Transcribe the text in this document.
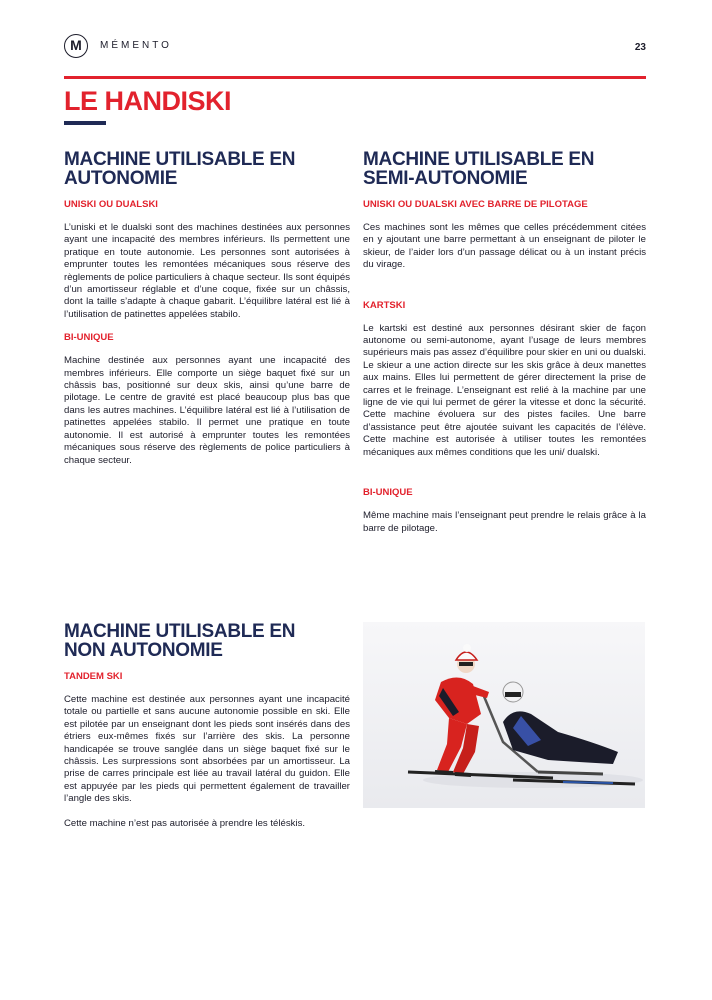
M	MÉMENTO	23
LE HANDISKI
MACHINE UTILISABLE EN
AUTONOMIE
UNISKI OU DUALSKI

L’uniski et le dualski sont des machines destinées aux personnes ayant une incapacité des membres inférieurs. Ils permettent une pratique en toute autonomie. Les personnes sont autorisées à emprunter toutes les remontées mécaniques sous réserve des règlements de police particuliers à chaque secteur. Ils sont équipés d’un amortisseur réglable et d’une coque, fixée sur un châssis, dont la taille s’adapte à chaque gabarit. L’équilibre latéral est lié à l’utilisation de patinettes appelées stabilo.

BI-UNIQUE

Machine destinée aux personnes ayant une incapacité des membres inférieurs. Elle comporte un siège baquet fixé sur un châssis bas, positionné sur deux skis, ainsi qu’une barre de pilotage. Le centre de gravité est placé beaucoup plus bas que dans les autres machines. L’équilibre latéral est lié à l’utilisation de patinettes appelées stabilo. Il permet une pratique en toute autonomie. Il est autorisé à emprunter toutes les remontées mécaniques sous réserve des règlements de police particuliers à chaque secteur.

MACHINE UTILISABLE EN
SEMI-AUTONOMIE
UNISKI OU DUALSKI AVEC BARRE DE PILOTAGE

Ces machines sont les mêmes que celles précédemment citées en y ajoutant une barre permettant à un enseignant de piloter le skieur, de l’aider lors d’un passage délicat ou à un instant précis du virage.

KARTSKI

Le kartski est destiné aux personnes désirant skier de façon autonome ou semi-autonome, ayant l’usage de leurs membres supérieurs mais pas assez d’équilibre pour skier en uni ou dualski. Le skieur a une action directe sur les skis grâce à deux manettes aux mains. Elles lui permettent de gérer directement la prise de carres et le freinage. L’enseignant est relié à la machine par une ligne de vie qui lui permet de gérer la vitesse et donc la sécurité. Cette machine évoluera sur des pistes faciles. Une barre d’assistance peut être ajoutée suivant les capacités de l’élève. Cette machine est autorisée à utiliser toutes les remontées mécaniques aux mêmes conditions que les uni/ dualski.

BI-UNIQUE

Même machine mais l’enseignant peut prendre le relais grâce à la barre de pilotage.

MACHINE UTILISABLE EN
NON AUTONOMIE
TANDEM SKI

Cette machine est destinée aux personnes ayant une incapacité totale ou partielle et sans aucune autonomie possible en ski. Elle est pilotée par un enseignant dont les pieds sont insérés dans des étriers eux-mêmes fixés sur l’arrière des skis. La personne handicapée se trouve sanglée dans un siège baquet fixé sur le châssis. Les surpressions sont absorbées par un amortisseur. La prise de carres principale est liée au travail latéral du guidon. Elle est appuyée par les pieds qui permettent également de travailler l’angle des skis.

Cette machine n’est pas autorisée à prendre les téléskis.
